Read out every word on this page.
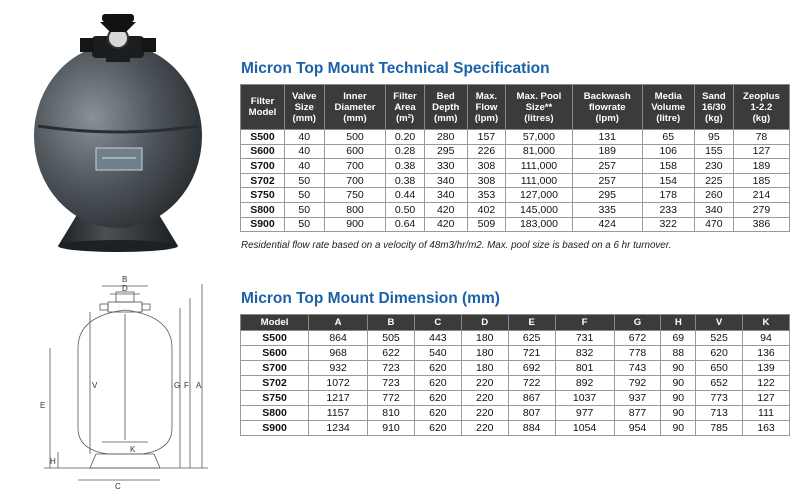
B
D
C
E
H
V
K
G F A
Micron Top Mount Technical Specification
Filter
Model	Valve
Size
(mm)	Inner
Diameter
(mm)	Filter
Area
(m²)	Bed
Depth
(mm)	Max.
Flow
(lpm)	Max. Pool
Size**
(litres)	Backwash
flowrate
(lpm)	Media
Volume
(litre)	Sand
16/30
(kg)	Zeoplus
1-2.2
(kg)
S500	40	500	0.20	280	157	57,000	131	65	95	78
S600	40	600	0.28	295	226	81,000	189	106	155	127
S700	40	700	0.38	330	308	111,000	257	158	230	189
S702	50	700	0.38	340	308	111,000	257	154	225	185
S750	50	750	0.44	340	353	127,000	295	178	260	214
S800	50	800	0.50	420	402	145,000	335	233	340	279
S900	50	900	0.64	420	509	183,000	424	322	470	386

Residential flow rate based on a velocity of 48m3/hr/m2. Max. pool size is based on a 6 hr turnover.

Micron Top Mount Dimension (mm)
Model	A	B	C	D	E	F	G	H	V	K
S500	864	505	443	180	625	731	672	69	525	94
S600	968	622	540	180	721	832	778	88	620	136
S700	932	723	620	180	692	801	743	90	650	139
S702	1072	723	620	220	722	892	792	90	652	122
S750	1217	772	620	220	867	1037	937	90	773	127
S800	1157	810	620	220	807	977	877	90	713	111
S900	1234	910	620	220	884	1054	954	90	785	163
